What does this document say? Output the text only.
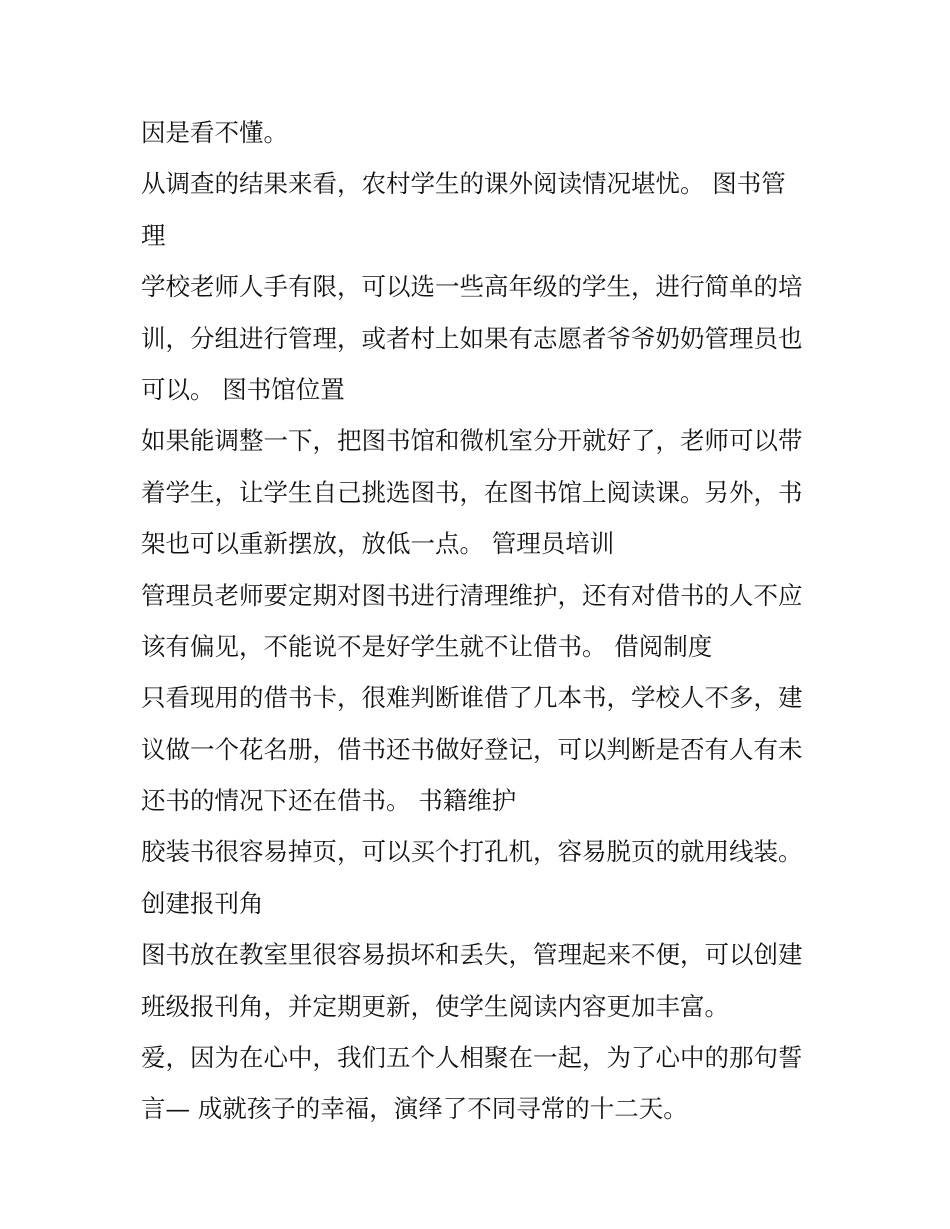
因是看不懂。
从调查的结果来看，农村学生的课外阅读情况堪忧。 图书管
理
学校老师人手有限，可以选一些高年级的学生，进行简单的培
训，分组进行管理，或者村上如果有志愿者爷爷奶奶管理员也
可以。 图书馆位置
如果能调整一下，把图书馆和微机室分开就好了，老师可以带
着学生，让学生自己挑选图书，在图书馆上阅读课。另外，书
架也可以重新摆放，放低一点。 管理员培训
管理员老师要定期对图书进行清理维护，还有对借书的人不应
该有偏见，不能说不是好学生就不让借书。 借阅制度
只看现用的借书卡，很难判断谁借了几本书，学校人不多，建
议做一个花名册，借书还书做好登记，可以判断是否有人有未
还书的情况下还在借书。 书籍维护
胶装书很容易掉页，可以买个打孔机，容易脱页的就用线装。
创建报刊角
图书放在教室里很容易损坏和丢失，管理起来不便，可以创建
班级报刊角，并定期更新，使学生阅读内容更加丰富。
爱，因为在心中，我们五个人相聚在一起，为了心中的那句誓
言— 成就孩子的幸福，演绎了不同寻常的十二天。
